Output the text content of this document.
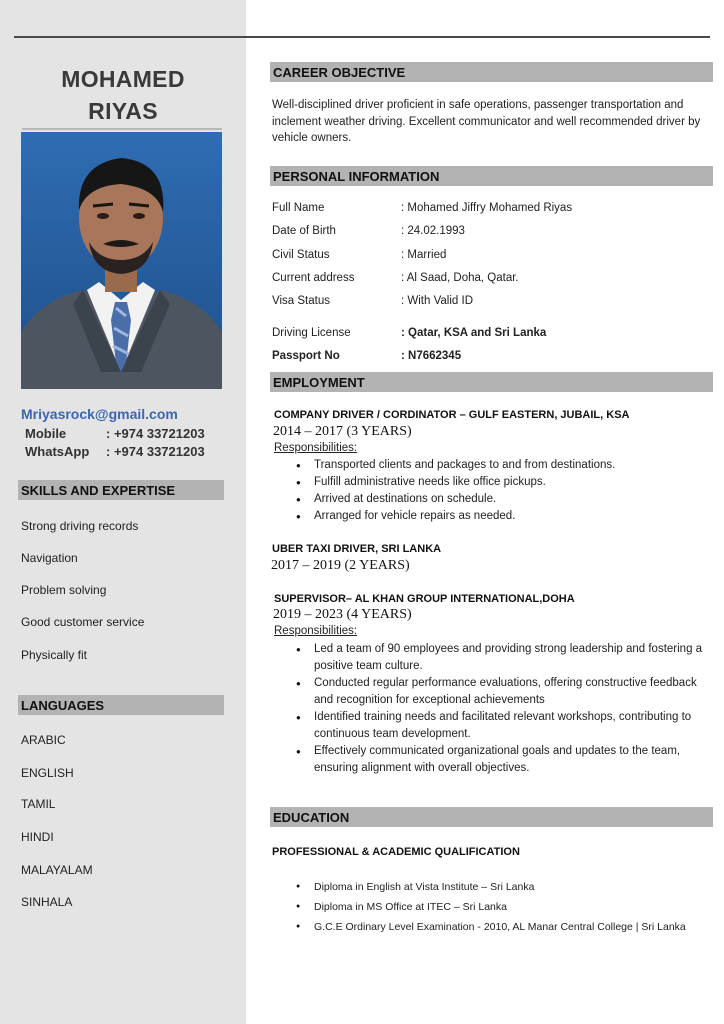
MOHAMED
RIYAS
Mriyasrock@gmail.com
Mobile	: +974 33721203
WhatsApp : +974 33721203
SKILLS AND EXPERTISE
Strong driving records
Navigation
Problem solving
Good customer service
Physically fit
LANGUAGES
ARABIC
ENGLISH
TAMIL
HINDI
MALAYALAM
SINHALA
CAREER OBJECTIVE
Well-disciplined driver proficient in safe operations, passenger transportation and inclement weather driving. Excellent communicator and well recommended driver by vehicle owners.
PERSONAL INFORMATION
Full Name	: Mohamed Jiffry Mohamed Riyas
Date of Birth	: 24.02.1993
Civil Status	: Married
Current address	: Al Saad, Doha, Qatar.
Visa Status	: With Valid ID
Driving License	: Qatar, KSA and Sri Lanka
Passport No	: N7662345
EMPLOYMENT
COMPANY DRIVER / CORDINATOR – GULF EASTERN, JUBAIL, KSA
2014 – 2017 (3 YEARS)
Responsibilities:
● Transported clients and packages to and from destinations.
● Fulfill administrative needs like office pickups.
● Arrived at destinations on schedule.
● Arranged for vehicle repairs as needed.
UBER TAXI DRIVER, SRI LANKA
2017 – 2019 (2 YEARS)
SUPERVISOR– AL KHAN GROUP INTERNATIONAL,DOHA
2019 – 2023 (4 YEARS)
Responsibilities:
● Led a team of 90 employees and providing strong leadership and fostering a positive team culture.
● Conducted regular performance evaluations, offering constructive feedback and recognition for exceptional achievements
● Identified training needs and facilitated relevant workshops, contributing to continuous team development.
● Effectively communicated organizational goals and updates to the team, ensuring alignment with overall objectives.
EDUCATION
PROFESSIONAL & ACADEMIC QUALIFICATION
● Diploma in English at Vista Institute – Sri Lanka
● Diploma in MS Office at ITEC – Sri Lanka
● G.C.E Ordinary Level Examination - 2010, AL Manar Central College | Sri Lanka
